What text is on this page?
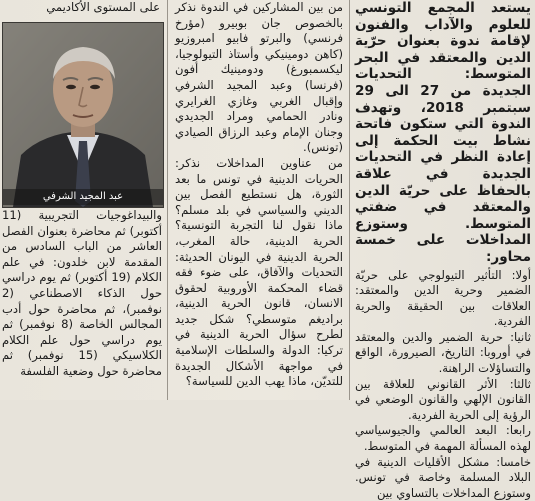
يستعد المجمع التونسي للعلوم والآداب والفنون لإقامة ندوة بعنوان حرّية الدين والمعتقد في البحر المتوسط: التحديات الجديدة من 27 الى 29 سبتمبر 2018، وتهدف الندوة التي ستكون فاتحة نشاط بيت الحكمة إلى إعادة النظر في التحديات الجديدة في علاقة بالحفاظ على حريّة الدين والمعتقد في ضفتي المتوسط. وستوزع المداخلات على خمسة محاور:

أولا: التأثير التيولوجي على حريّة الضمير وحرية الدين والمعتقد: العلاقات بين الحقيقة والحرية الفردية.

ثانيا: حرية الضمير والدين والمعتقد في أوروبا: التاريخ، الصيرورة، الواقع والتساؤلات الراهنة.

ثالثا: الأثر القانوني للعلاقة بين القانون الإلهي والقانون الوضعي في الرؤية إلى الحرية الفردية.

رابعا: البعد العالمي والجيوسياسي لهذه المسألة المهمة في المتوسط.

خامسا: مشكل الأقليات الدينية في البلاد المسلمة وخاصة في تونس. وستوزع المداخلات بالتساوي بين

من بين المشاركين في الندوة نذكر بالخصوص جان بوبيرو (مؤرخ فرنسي) والبرتو فابيو امبروزيو (كاهن دومينيكي وأستاذ التيولوجيا، ليكسمبورغ) ودومينيك أفون (فرنسا) وعبد المجيد الشرفي وإقبال الغربي وغازي الغرايري ونادر الحمامي ومراد الجديدي وجنان الإمام وعبد الرزاق الصيادي (تونس).

من عناوين المداخلات نذكر: الحريات الدينية في تونس ما بعد الثورة، هل نستطيع الفصل بين الديني والسياسي في بلد مسلم؟ ماذا نقول لنا التجربة التونسية؟ الحرية الدينية، حالة المغرب، الحرية الدينية في اليونان الحديثة: التحديات والآفاق، على ضوء فقه قضاء المحكمة الأوروبية لحقوق الانسان، قانون الحرية الدينية، براديغم متوسطي؟ شكل جديد لطرح سؤال الحرية الدينية في تركيا: الدولة والسلطات الإسلامية في مواجهة الأشكال الجديدة للتديّن، ماذا يهب الدين للسياسة؟

على المستوى الأكاديمي

عبد المجيد الشرفي

والبيداغوجيات التجريبية (11 أكتوبر) ثم محاضرة بعنوان الفصل العاشر من الباب السادس من المقدمة لابن خلدون: في علم الكلام (19 أكتوبر) ثم يوم دراسي حول الذكاء الاصطناعي (2 نوفمبر)، ثم محاضرة حول أدب المجالس الخاصة (8 نوفمبر) ثم يوم دراسي حول علم الكلام الكلاسيكي (15 نوفمبر) ثم محاضرة حول وضعية الفلسفة
